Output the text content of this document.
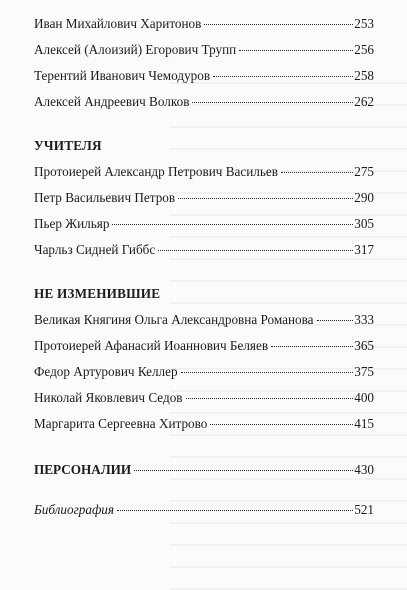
Иван Михайлович Харитонов	253
Алексей (Алоизий) Егорович Трупп	256
Терентий Иванович Чемодуров	258
Алексей Андреевич Волков	262
УЧИТЕЛЯ
Протоиерей Александр Петрович Васильев	275
Петр Васильевич Петров	290
Пьер Жильяр	305
Чарльз Сидней Гиббс	317
НЕ ИЗМЕНИВШИЕ
Великая Княгиня Ольга Александровна Романова	333
Протоиерей Афанасий Иоаннович Беляев	365
Федор Артурович Келлер	375
Николай Яковлевич Седов	400
Маргарита Сергеевна Хитрово	415
ПЕРСОНАЛИИ	430
Библиография	521
